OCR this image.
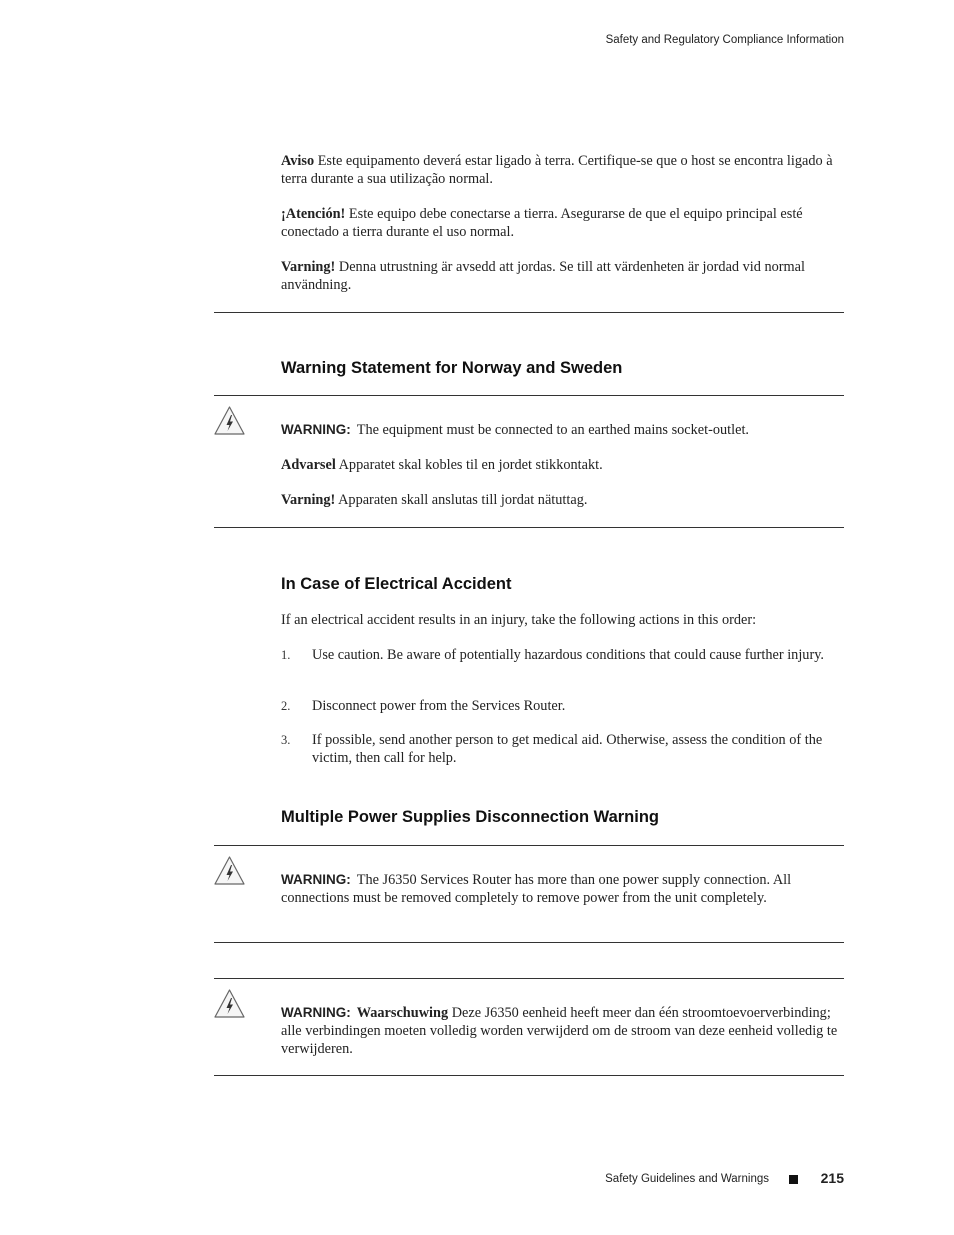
Safety and Regulatory Compliance Information

Aviso Este equipamento deverá estar ligado à terra. Certifique-se que o host se encontra ligado à terra durante a sua utilização normal.

¡Atención! Este equipo debe conectarse a tierra. Asegurarse de que el equipo principal esté conectado a tierra durante el uso normal.

Varning! Denna utrustning är avsedd att jordas. Se till att värdenheten är jordad vid normal användning.

Warning Statement for Norway and Sweden

WARNING: The equipment must be connected to an earthed mains socket-outlet.

Advarsel Apparatet skal kobles til en jordet stikkontakt.

Varning! Apparaten skall anslutas till jordat nätuttag.

In Case of Electrical Accident

If an electrical accident results in an injury, take the following actions in this order:

1.	Use caution. Be aware of potentially hazardous conditions that could cause further injury.

2.	Disconnect power from the Services Router.

3.	If possible, send another person to get medical aid. Otherwise, assess the condition of the victim, then call for help.

Multiple Power Supplies Disconnection Warning

WARNING: The J6350 Services Router has more than one power supply connection. All connections must be removed completely to remove power from the unit completely.

WARNING: Waarschuwing Deze J6350 eenheid heeft meer dan één stroomtoevoerverbinding; alle verbindingen moeten volledig worden verwijderd om de stroom van deze eenheid volledig te verwijderen.

Safety Guidelines and Warnings	215
